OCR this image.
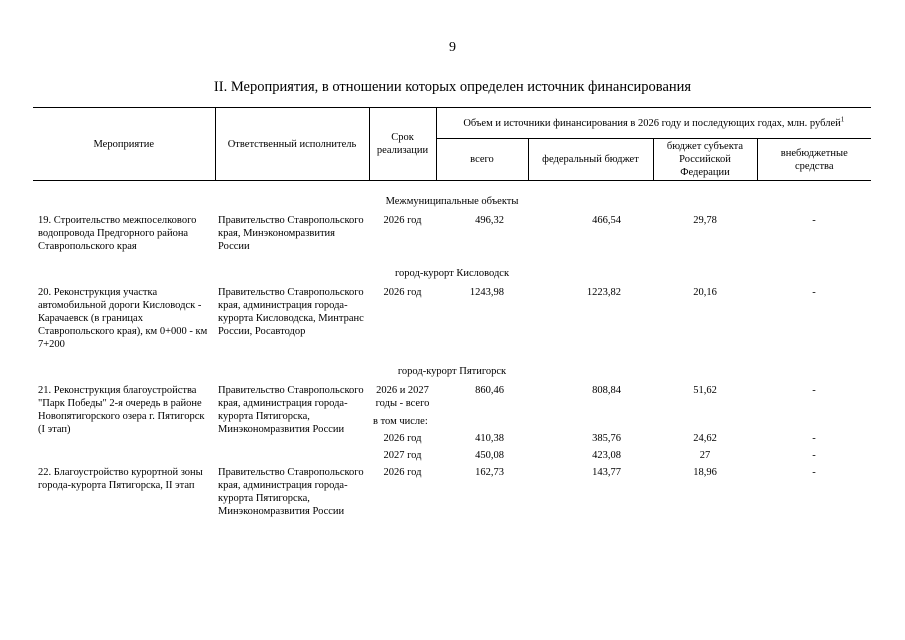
9
II. Мероприятия, в отношении которых определен источник финансирования
Мероприятие	Ответственный исполнитель	Срок реализации	Объем и источники финансирования в 2026 году и последующих годах, млн. рублей$^1$
			всего	федеральный бюджет	бюджет субъекта Российской Федерации	внебюджетные средства
Межмуниципальные объекты						
19. Строительство межпоселкового водопровода Предгорного района Ставропольского края	Правительство Ставропольского края, Минэкономразвития России	2026 год	496,32	466,54	29,78	-
город-курорт Кисловодск						
20. Реконструкция участка автомобильной дороги Кисловодск - Карачаевск (в границах Ставропольского края), км 0+000 - км 7+200	Правительство Ставропольского края, администрация города-курорта Кисловодска, Минтранс России, Росавтодор	2026 год	1243,98	1223,82	20,16	-
город-курорт Пятигорск						
21. Реконструкция благоустройства "Парк Победы" 2-я очередь в районе Новопятигорского озера г. Пятигорск (I этап)	Правительство Ставропольского края, администрация города-курорта Пятигорска, Минэкономразвития России	2026 и 2027 годы - всего	860,46	808,84	51,62	-
		в том числе:				
		2026 год	410,38	385,76	24,62	-
		2027 год	450,08	423,08	27	-
22. Благоустройство курортной зоны города-курорта Пятигорска, II этап	Правительство Ставропольского края, администрация города-курорта Пятигорска, Минэкономразвития России	2026 год	162,73	143,77	18,96	-
